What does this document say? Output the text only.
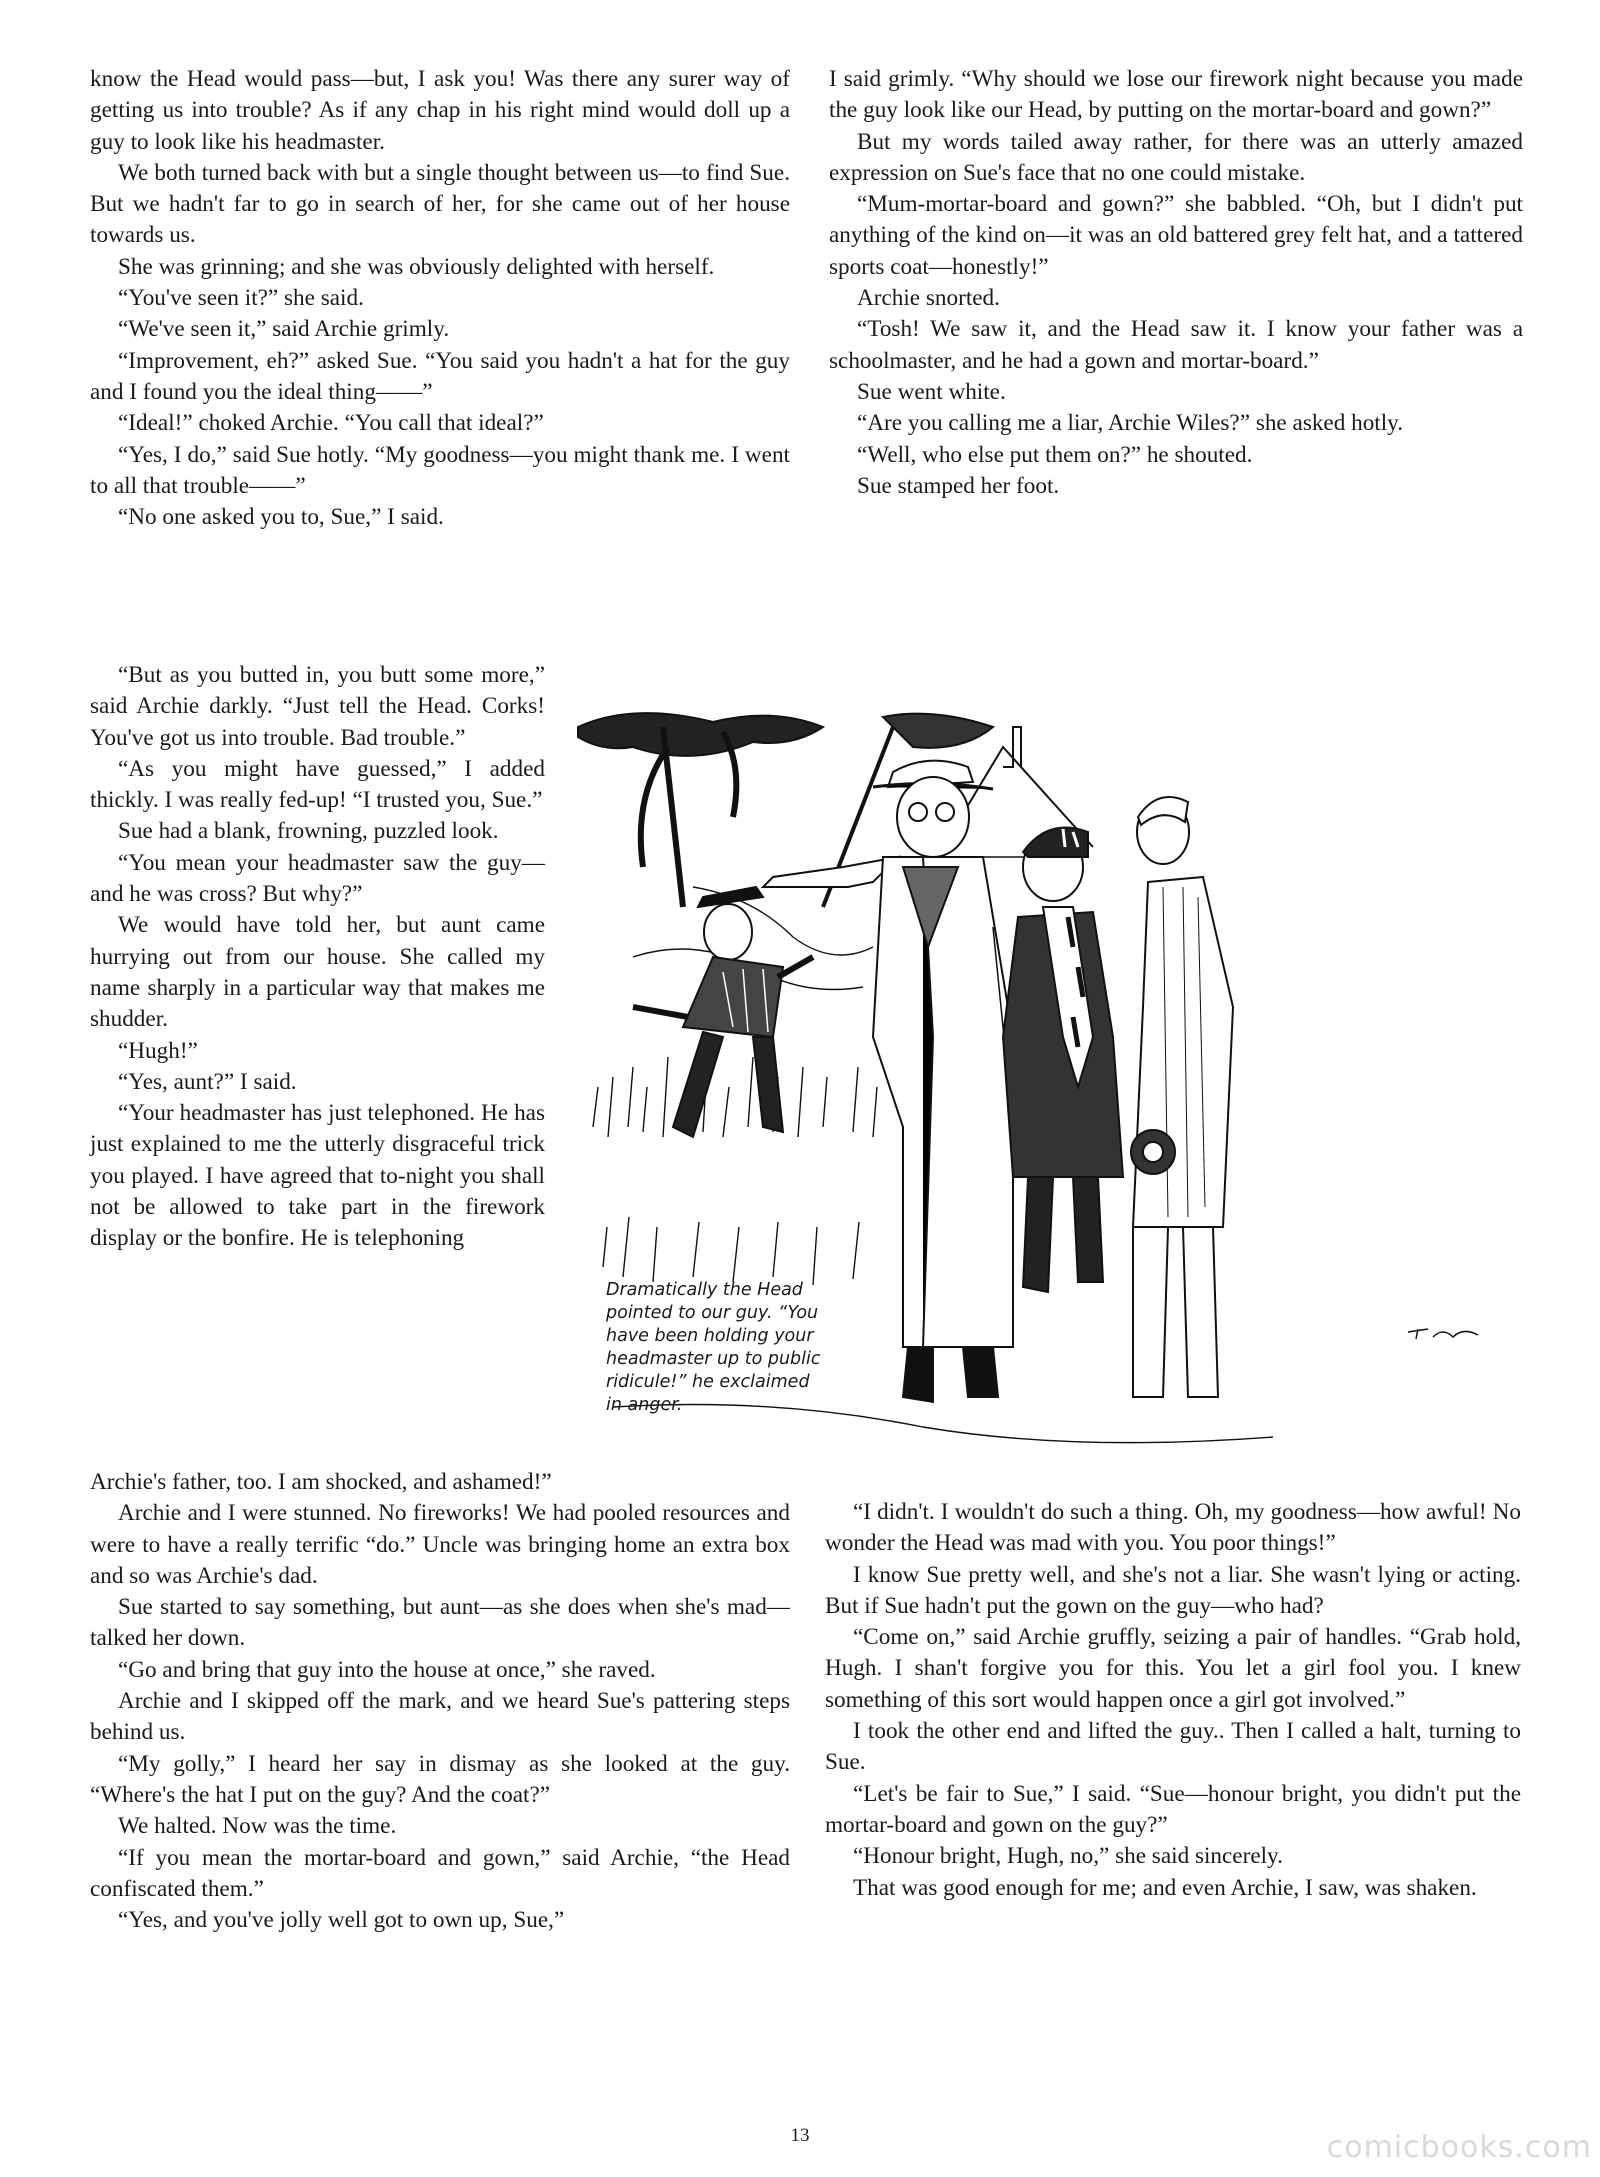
know the Head would pass—but, I ask you! Was there any surer way of getting us into trouble? As if any chap in his right mind would doll up a guy to look like his headmaster.

We both turned back with but a single thought between us—to find Sue. But we hadn't far to go in search of her, for she came out of her house towards us.

She was grinning; and she was obviously delighted with herself.

“You've seen it?” she said.

“We've seen it,” said Archie grimly.

“Improvement, eh?” asked Sue. “You said you hadn't a hat for the guy and I found you the ideal thing——”

“Ideal!” choked Archie. “You call that ideal?”

“Yes, I do,” said Sue hotly. “My goodness—you might thank me. I went to all that trouble——”

“No one asked you to, Sue,” I said.

“But as you butted in, you butt some more,” said Archie darkly. “Just tell the Head. Corks! You've got us into trouble. Bad trouble.”

“As you might have guessed,” I added thickly. I was really fed-up! “I trusted you, Sue.”

Sue had a blank, frowning, puzzled look.

“You mean your headmaster saw the guy—and he was cross? But why?”

We would have told her, but aunt came hurrying out from our house. She called my name sharply in a particular way that makes me shudder.

“Hugh!”

“Yes, aunt?” I said.

“Your headmaster has just telephoned. He has just explained to me the utterly disgraceful trick you played. I have agreed that to-night you shall not be allowed to take part in the firework display or the bonfire. He is telephoning

Archie's father, too. I am shocked, and ashamed!”

Archie and I were stunned. No fireworks! We had pooled resources and were to have a really terrific “do.” Uncle was bringing home an extra box and so was Archie's dad.

Sue started to say something, but aunt—as she does when she's mad—talked her down.

“Go and bring that guy into the house at once,” she raved.

Archie and I skipped off the mark, and we heard Sue's pattering steps behind us.

“My golly,” I heard her say in dismay as she looked at the guy. “Where's the hat I put on the guy? And the coat?”

We halted. Now was the time.

“If you mean the mortar-board and gown,” said Archie, “the Head confiscated them.”

“Yes, and you've jolly well got to own up, Sue,”

I said grimly. “Why should we lose our firework night because you made the guy look like our Head, by putting on the mortar-board and gown?”

But my words tailed away rather, for there was an utterly amazed expression on Sue's face that no one could mistake.

“Mum-mortar-board and gown?” she babbled. “Oh, but I didn't put anything of the kind on—it was an old battered grey felt hat, and a tattered sports coat—honestly!”

Archie snorted.

“Tosh! We saw it, and the Head saw it. I know your father was a schoolmaster, and he had a gown and mortar-board.”

Sue went white.

“Are you calling me a liar, Archie Wiles?” she asked hotly.

“Well, who else put them on?” he shouted.

Sue stamped her foot.

“I didn't. I wouldn't do such a thing. Oh, my goodness—how awful! No wonder the Head was mad with you. You poor things!”

I know Sue pretty well, and she's not a liar. She wasn't lying or acting. But if Sue hadn't put the gown on the guy—who had?

“Come on,” said Archie gruffly, seizing a pair of handles. “Grab hold, Hugh. I shan't forgive you for this. You let a girl fool you. I knew something of this sort would happen once a girl got involved.”

I took the other end and lifted the guy.. Then I called a halt, turning to Sue.

“Let's be fair to Sue,” I said. “Sue—honour bright, you didn't put the mortar-board and gown on the guy?”

“Honour bright, Hugh, no,” she said sincerely.

That was good enough for me; and even Archie, I saw, was shaken.

Dramatically the Head
pointed to our guy. “You
have been holding your
headmaster up to public
ridicule!” he exclaimed
in anger.
13	comicbooks.com
